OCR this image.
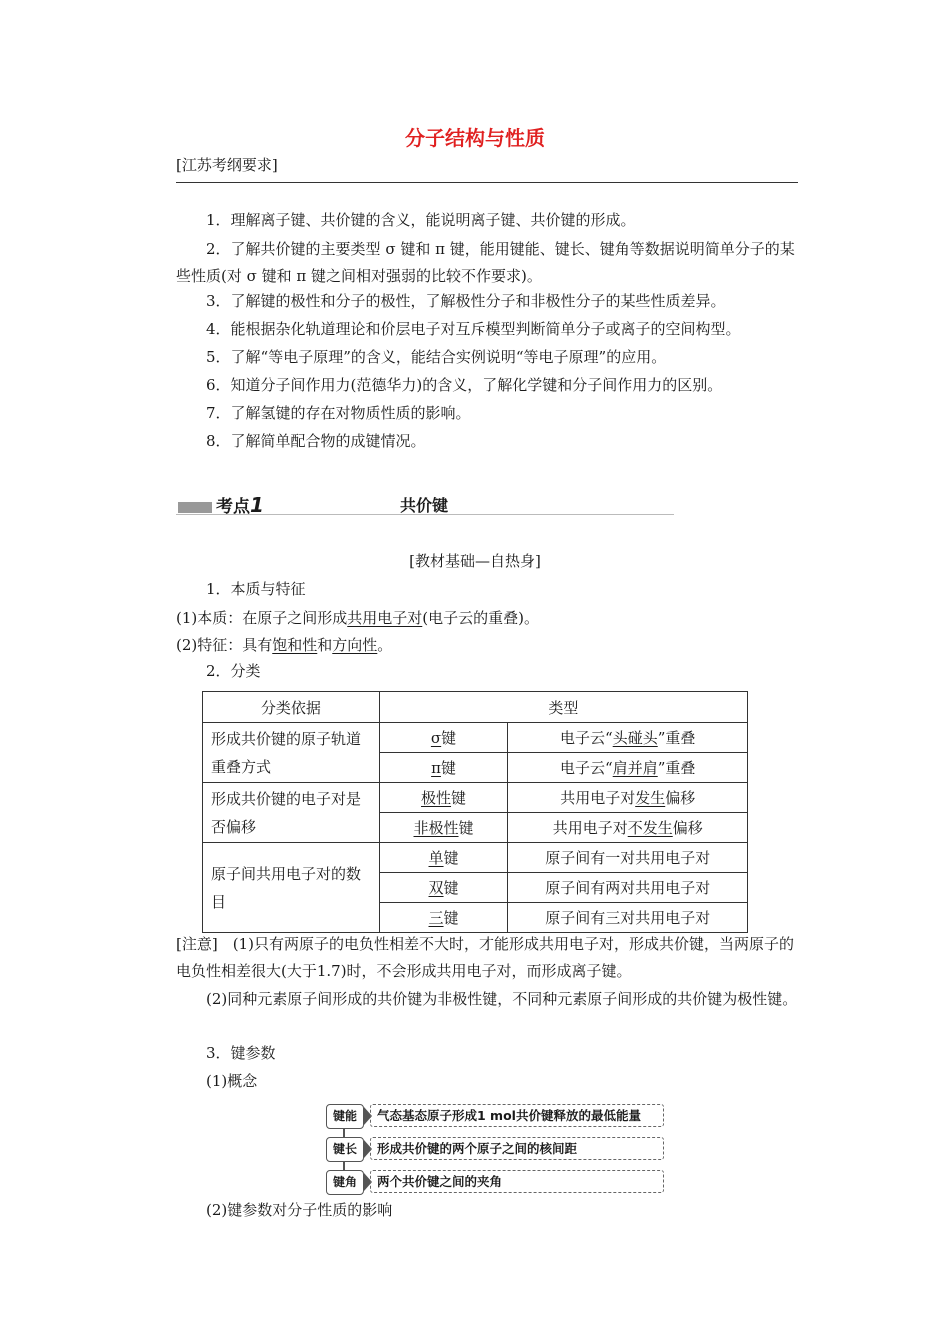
分子结构与性质
[江苏考纲要求]
1．理解离子键、共价键的含义，能说明离子键、共价键的形成。
2．了解共价键的主要类型 σ 键和 π 键，能用键能、键长、键角等数据说明简单分子的某些性质(对 σ 键和 π 键之间相对强弱的比较不作要求)。
3．了解键的极性和分子的极性，了解极性分子和非极性分子的某些性质差异。
4．能根据杂化轨道理论和价层电子对互斥模型判断简单分子或离子的空间构型。
5．了解“等电子原理”的含义，能结合实例说明“等电子原理”的应用。
6．知道分子间作用力(范德华力)的含义，了解化学键和分子间作用力的区别。
7．了解氢键的存在对物质性质的影响。
8．了解简单配合物的成键情况。
考点1	共价键
[教材基础—自热身]
1．本质与特征
(1)本质：在原子之间形成共用电子对(电子云的重叠)。
(2)特征：具有饱和性和方向性。
2．分类
分类依据	类型	
形成共价键的原子轨道重叠方式	σ键	电子云“头碰头”重叠
	π键	电子云“肩并肩”重叠
形成共价键的电子对是否偏移	极性键	共用电子对发生偏移
	非极性键	共用电子对不发生偏移
原子间共用电子对的数目	单键	原子间有一对共用电子对
	双键	原子间有两对共用电子对
	三键	原子间有三对共用电子对
[注意]　(1)只有两原子的电负性相差不大时，才能形成共用电子对，形成共价键，当两原子的电负性相差很大(大于1.7)时，不会形成共用电子对，而形成离子键。
(2)同种元素原子间形成的共价键为非极性键，不同种元素原子间形成的共价键为极性键。
3．键参数
(1)概念
键能	气态基态原子形成1 mol共价键释放的最低能量
键长	形成共价键的两个原子之间的核间距
键角	两个共价键之间的夹角
(2)键参数对分子性质的影响
